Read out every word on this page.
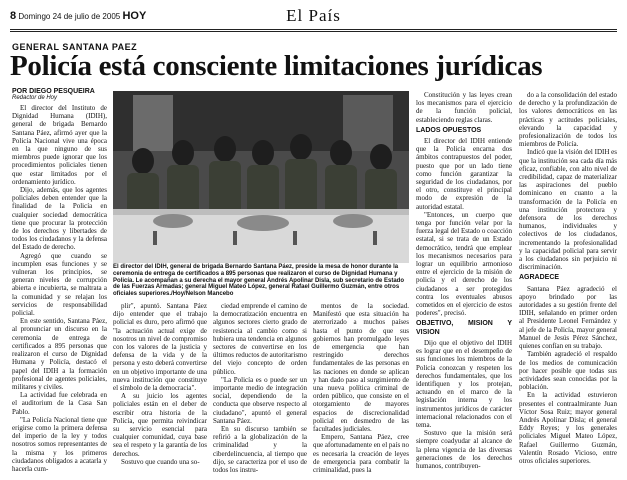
8 Domingo 24 de julio de 2005 HOY	El País
GENERAL SANTANA PAEZ
Policía está consciente limitaciones jurídicas
POR DIEGO PESQUEIRA
Redactor de Hoy

El director del Instituto de Dignidad Humana (IDIH), general de brigada Bernardo Santana Páez, afirmó ayer que la Policía Nacional vive una época en la que ninguno de sus miembros puede ignorar que los procedimientos policiales tienen que estar limitados por el ordenamiento jurídico.

Dijo, además, que los agentes policiales deben entender que la finalidad de la Policía en cualquier sociedad democrática tiene que procurar la protección de los derechos y libertades de todos los ciudadanos y la defensa del Estado de derecho.

Agregó que cuando se incumplen esas funciones y se vulneran los principios, se generan niveles de corrupción abierta e incubierta, se maltrata a la comunidad y se relajan los servicios de responsabilidad policial.

En este sentido, Santana Páez, al pronunciar un discurso en la ceremonia de entrega de certificados a 895 personas que realizaron el curso de Dignidad Humana y Policía, destacó el papel del IDIH a la formación profesional de agentes policiales, militares y civiles.

La actividad fue celebrada en el auditorium de la Casa San Pablo.

"La Policía Nacional tiene que erigirse como la primera defensa del imperio de la ley y todos nosotros somos representantes de la misma y los primeros ciudadanos obligados a acatarla y hacerla cum-

El director del IDIH, general de brigada Bernardo Santana Páez, preside la mesa de honor durante la ceremonia de entrega de certificados a 895 personas que realizaron el curso de Dignidad Humana y Policía. Le acompañan a su derecha el mayor general Andrés Apolinar Disla, sub secretario de Estado de las Fuerzas Armadas; general Miguel Mateo López, general Rafael Guillermo Guzmán, entre otros oficiales superiores./Hoy/Nelson Mancebo

plir", apuntó. Santana Páez dijo entender que el trabajo policial es duro, pero afirmó que "la actuación actual exige de nosotros un nivel de compromiso con los valores de la justicia y defensa de la vida y de la persona y esto deberá convertirse en un objetivo importante de una nueva institución que constituye el símbolo de la democracia".

A su juicio los agentes policiales están en el deber de escribir otra historia de la Policía, que permita reivindicar su servicio esencial para cualquier comunidad, cuya base sea el respeto y la garantía de los derechos.

Sostuvo que cuando una so-

ciedad emprende el camino de la democratización encuentra en algunos sectores cierto grado de resistencia al cambio como si hubiera una tendencia en algunos sectores de convertirse en los últimos reductos de autoritarismo del viejo concepto de orden público.

"La Policía es o puede ser un importante medio de integración social, dependiendo de la conducta que observe respecto al ciudadano", apuntó el general Santana Páez.

En su discurso también se refirió a la globalización de la criminalidad y la ciberdelincuencia, al tiempo que dijo, se caracteriza por el uso de todos los instru-

mentos de la sociedad. Manifestó que esta situación ha aterrorizado a muchos países hasta el punto de que sus gobiernos han promulgado leyes de emergencia que han restringido derechos fundamentales de las personas en las naciones en donde se aplican y han dado paso al surgimiento de una nueva política criminal de orden público, que consiste en el otorgamiento de mayores espacios de discrecionalidad policial en desmedro de las facultades judiciales.

Empero, Santana Páez, cree que afortunadamente en el país no es necesaria la creación de leyes de emergencia para combatir la criminalidad, pues la

Constitución y las leyes crean los mecanismos para el ejercicio de la función policial, estableciendo reglas claras.

LADOS OPUESTOS

El director del IDIH entiende que la Policía encarna dos ámbitos contrapuestos del poder, puesto que por un lado tiene como función garantizar la seguridad de los ciudadanos, por el otro, constituye el principal modo de expresión de la autoridad estatal.

"Entonces, un cuerpo que tenga por función velar por la fuerza legal del Estado o coacción estatal, si se trata de un Estado democrático, tendrá que emplear los mecanismos necesarios para lograr un equilibrio armonioso entre el ejercicio de la misión de policía y el derecho de los ciudadanos a ser protegidos contra los eventuales abusos cometidos en el ejercicio de estos poderes", precisó.

OBJETIVO, MISION Y VISION

Dijo que el objetivo del IDIH es lograr que en el desempeño de sus funciones los miembros de la Policía conozcan y respeten los derechos fundamentales, que los identifiquen y los protejan, actuando en el marco de la legislación interna y los instrumentos jurídicos de carácter internacional relacionados con el tema.

Sostuvo que la misión será siempre coadyudar al alcance de la plena vigencia de las diversas generaciones de los derechos humanos, contribuyen-

do a la consolidación del estado de derecho y la profundización de los valores democráticos en las prácticas y actitudes policiales, elevando la capacidad y profesionalización de todos los miembros de Policía.

Indicó que la visión del IDIH es que la institución sea cada día más eficaz, confiable, con alto nivel de credibilidad, capaz de materializar las aspiraciones del pueblo dominicano en cuanto a la transformación de la Policía en una institución protectora y defensora de los derechos humanos, individuales y colectivos de los ciudadanos, incrementando la profesionalidad y la capacidad policial para servir a los ciudadanos sin perjuicio ni discriminación.

AGRADECE

Santana Páez agradeció el apoyo brindado por las autoridades a su gestión frente del IDIH, señalando en primer orden al Presidente Leonel Fernández y al jefe de la Policía, mayor general Manuel de Jesús Pérez Sánchez, quienes confían en su trabajo.

También agradeció el respaldo de los medios de comunicación por hacer posible que todas sus actividades sean conocidas por la población.

En la actividad estuvieron presentes el contraalmirante Juan Víctor Sosa Ruiz; mayor general Andrés Apolinar Disla; el general Eddy Reyes; y los generales policiales Miguel Mateo López, Rafael Guillermo Guzmán, Valentín Rosado Vicioso, entre otros oficiales superiores.
